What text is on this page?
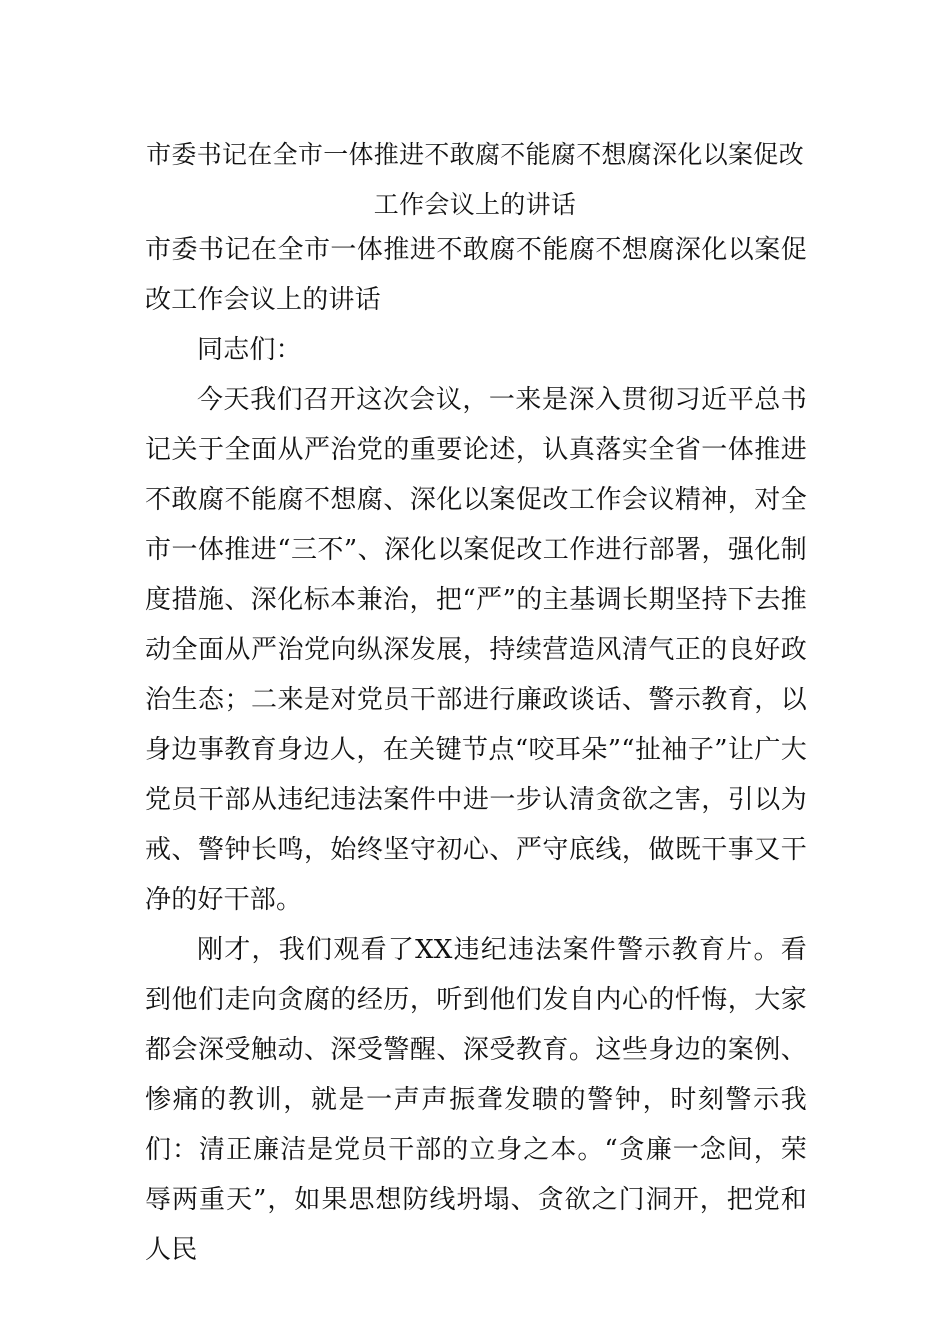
市委书记在全市一体推进不敢腐不能腐不想腐深化以案促改工作会议上的讲话

市委书记在全市一体推进不敢腐不能腐不想腐深化以案促改工作会议上的讲话

同志们：

今天我们召开这次会议，一来是深入贯彻习近平总书记关于全面从严治党的重要论述，认真落实全省一体推进不敢腐不能腐不想腐、深化以案促改工作会议精神，对全市一体推进“三不”、深化以案促改工作进行部署，强化制度措施、深化标本兼治，把“严”的主基调长期坚持下去推动全面从严治党向纵深发展，持续营造风清气正的良好政治生态；二来是对党员干部进行廉政谈话、警示教育，以身边事教育身边人，在关键节点“咬耳朵”“扯袖子”让广大党员干部从违纪违法案件中进一步认清贪欲之害，引以为戒、警钟长鸣，始终坚守初心、严守底线，做既干事又干净的好干部。

刚才，我们观看了XX违纪违法案件警示教育片。看到他们走向贪腐的经历，听到他们发自内心的忏悔，大家都会深受触动、深受警醒、深受教育。这些身边的案例、惨痛的教训，就是一声声振聋发聩的警钟，时刻警示我们：清正廉洁是党员干部的立身之本。“贪廉一念间，荣辱两重天”，如果思想防线坍塌、贪欲之门洞开，把党和人民
